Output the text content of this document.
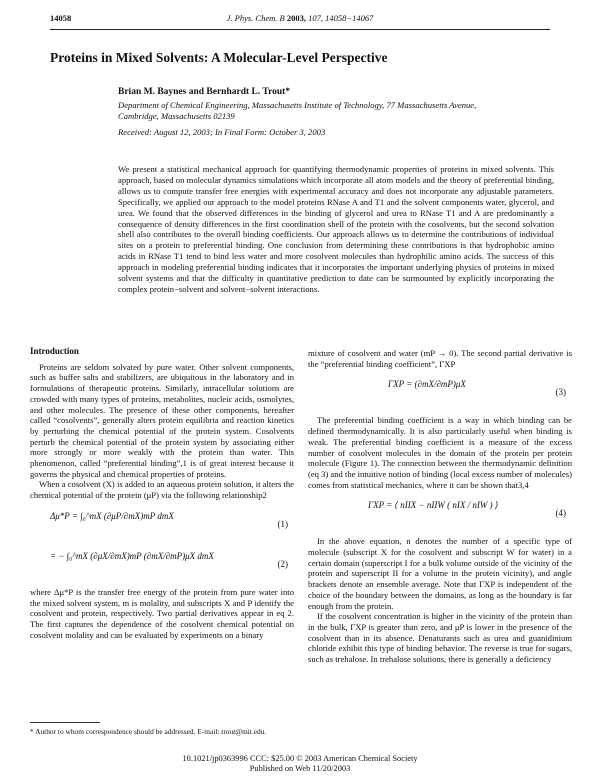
14058	J. Phys. Chem. B 2003, 107, 14058−14067
Proteins in Mixed Solvents: A Molecular-Level Perspective
Brian M. Baynes and Bernhardt L. Trout*
Department of Chemical Engineering, Massachusetts Institute of Technology, 77 Massachusetts Avenue, Cambridge, Massachusetts 02139
Received: August 12, 2003; In Final Form: October 3, 2003
We present a statistical mechanical approach for quantifying thermodynamic properties of proteins in mixed solvents. This approach, based on molecular dynamics simulations which incorporate all atom models and the theory of preferential binding, allows us to compute transfer free energies with experimental accuracy and does not incorporate any adjustable parameters. Specifically, we applied our approach to the model proteins RNase A and T1 and the solvent components water, glycerol, and urea. We found that the observed differences in the binding of glycerol and urea to RNase T1 and A are predominantly a consequence of density differences in the first coordination shell of the protein with the cosolvents, but the second solvation shell also contributes to the overall binding coefficients. Our approach allows us to determine the contributions of individual sites on a protein to preferential binding. One conclusion from determining these contributions is that hydrophobic amino acids in RNase T1 tend to bind less water and more cosolvent molecules than hydrophilic amino acids. The success of this approach in modeling preferential binding indicates that it incorporates the important underlying physics of proteins in mixed solvent systems and that the difficulty in quantitative prediction to date can be surmounted by explicitly incorporating the complex protein−solvent and solvent−solvent interactions.
Introduction

Proteins are seldom solvated by pure water. Other solvent components, such as buffer salts and stabilizers, are ubiquitous in the laboratory and in formulations of therapeutic proteins. Similarly, intracellular solutions are crowded with many types of proteins, metabolites, nucleic acids, osmolytes, and other molecules. The presence of these other components, hereafter called “cosolvents”, generally alters protein equilibria and reaction kinetics by perturbing the chemical potential of the protein system. Cosolvents perturb the chemical potential of the protein system by associating either more strongly or more weakly with the protein than water. This phenomenon, called “preferential binding”,1 is of great interest because it governs the physical and chemical properties of proteins.

When a cosolvent (X) is added to an aqueous protein solution, it alters the chemical potential of the protein (μP) via the following relationship2

Δμ*P = ∫₀^mX (∂μP/∂mX)mP dmX
(1)
= − ∫₀^mX (∂μX/∂mX)mP (∂mX/∂mP)μX dmX
(2)

where Δμ*P is the transfer free energy of the protein from pure water into the mixed solvent system, m is molality, and subscripts X and P identify the cosolvent and protein, respectively. Two partial derivatives appear in eq 2. The first captures the dependence of the cosolvent chemical potential on cosolvent molality and can be evaluated by experiments on a binary

mixture of cosolvent and water (mP → 0). The second partial derivative is the “preferential binding coefficient”, ΓXP

ΓXP = (∂mX/∂mP)μX
(3)

The preferential binding coefficient is a way in which binding can be defined thermodynamically. It is also particularly useful when binding is weak. The preferential binding coefficient is a measure of the excess number of cosolvent molecules in the domain of the protein per protein molecule (Figure 1). The connection between the thermodynamic definition (eq 3) and the intuitive notion of binding (local excess number of molecules) comes from statistical mechanics, where it can be shown that3,4

ΓXP = ⟨ nIIX − nIIW ( nIX / nIW ) ⟩
(4)

In the above equation, n denotes the number of a specific type of molecule (subscript X for the cosolvent and subscript W for water) in a certain domain (superscript I for a bulk volume outside of the vicinity of the protein and superscript II for a volume in the protein vicinity), and angle brackets denote an ensemble average. Note that ΓXP is independent of the choice of the boundary between the domains, as long as the boundary is far enough from the protein.

If the cosolvent concentration is higher in the vicinity of the protein than in the bulk, ΓXP is greater than zero, and μP is lower in the presence of the cosolvent than in its absence. Denaturants such as urea and guanidinium chloride exhibit this type of binding behavior. The reverse is true for sugars, such as trehalose. In trehalose solutions, there is generally a deficiency

* Author to whom correspondence should be addressed. E-mail: trout@mit.edu.
10.1021/jp0363996 CCC: $25.00 © 2003 American Chemical Society
Published on Web 11/20/2003
